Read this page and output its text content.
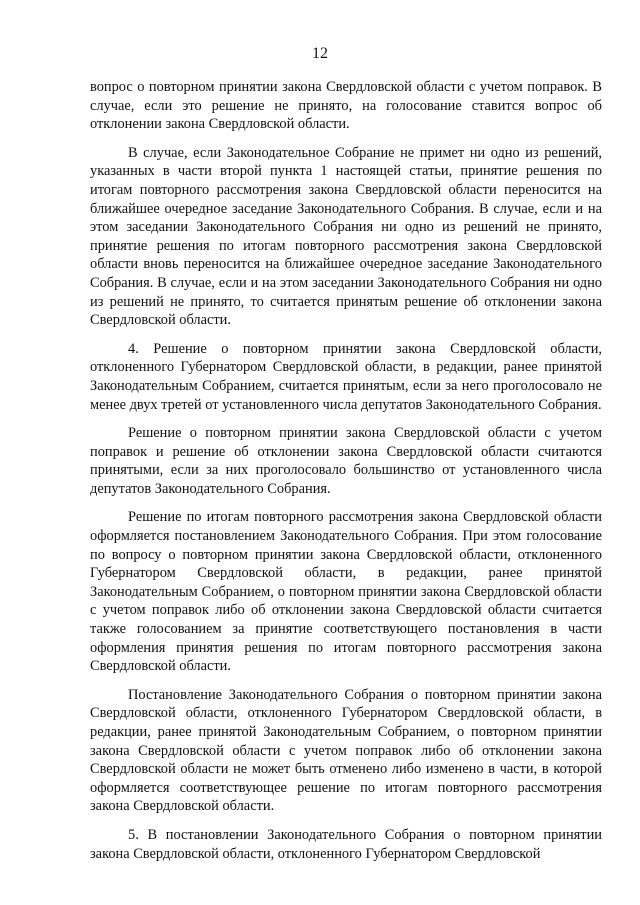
12

вопрос о повторном принятии закона Свердловской области с учетом поправок. В случае, если это решение не принято, на голосование ставится вопрос об отклонении закона Свердловской области.

В случае, если Законодательное Собрание не примет ни одно из решений, указанных в части второй пункта 1 настоящей статьи, принятие решения по итогам повторного рассмотрения закона Свердловской области переносится на ближайшее очередное заседание Законодательного Собрания. В случае, если и на этом заседании Законодательного Собрания ни одно из решений не принято, принятие решения по итогам повторного рассмотрения закона Свердловской области вновь переносится на ближайшее очередное заседание Законодательного Собрания. В случае, если и на этом заседании Законодательного Собрания ни одно из решений не принято, то считается принятым решение об отклонении закона Свердловской области.

4. Решение о повторном принятии закона Свердловской области, отклоненного Губернатором Свердловской области, в редакции, ранее принятой Законодательным Собранием, считается принятым, если за него проголосовало не менее двух третей от установленного числа депутатов Законодательного Собрания.

Решение о повторном принятии закона Свердловской области с учетом поправок и решение об отклонении закона Свердловской области считаются принятыми, если за них проголосовало большинство от установленного числа депутатов Законодательного Собрания.

Решение по итогам повторного рассмотрения закона Свердловской области оформляется постановлением Законодательного Собрания. При этом голосование по вопросу о повторном принятии закона Свердловской области, отклоненного Губернатором Свердловской области, в редакции, ранее принятой Законодательным Собранием, о повторном принятии закона Свердловской области с учетом поправок либо об отклонении закона Свердловской области считается также голосованием за принятие соответствующего постановления в части оформления принятия решения по итогам повторного рассмотрения закона Свердловской области.

Постановление Законодательного Собрания о повторном принятии закона Свердловской области, отклоненного Губернатором Свердловской области, в редакции, ранее принятой Законодательным Собранием, о повторном принятии закона Свердловской области с учетом поправок либо об отклонении закона Свердловской области не может быть отменено либо изменено в части, в которой оформляется соответствующее решение по итогам повторного рассмотрения закона Свердловской области.

5. В постановлении Законодательного Собрания о повторном принятии закона Свердловской области, отклоненного Губернатором Свердловской
